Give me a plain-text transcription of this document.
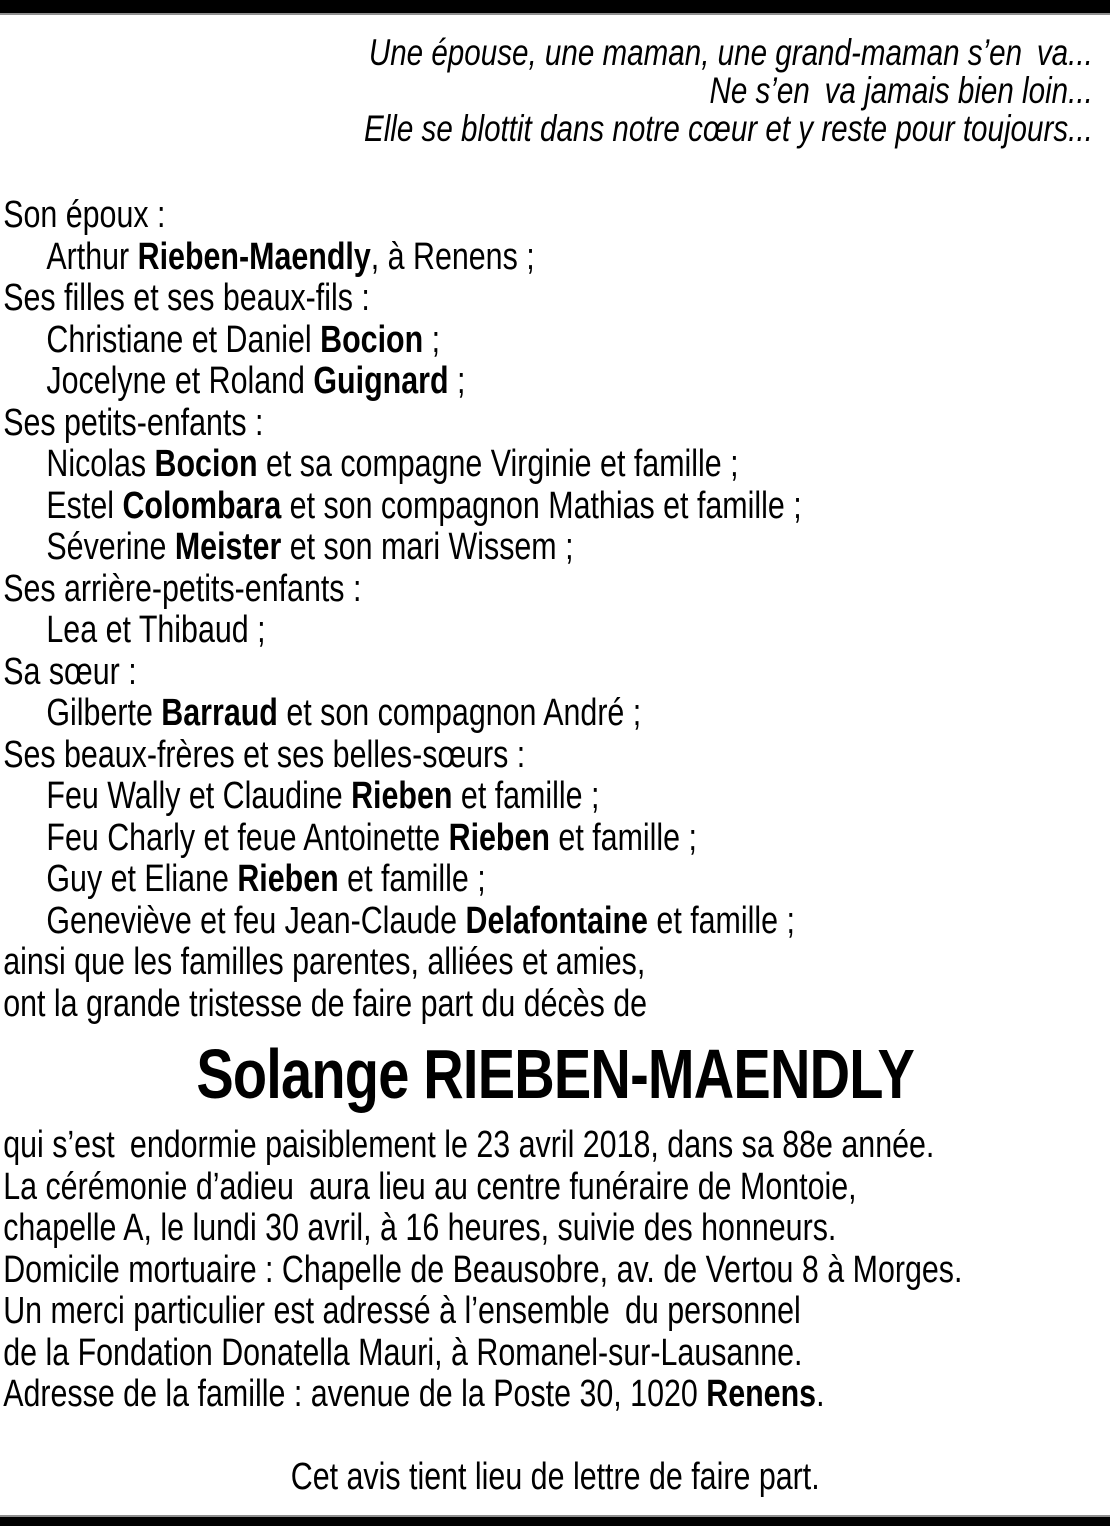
Une épouse, une maman, une grand-maman s’en va...

Ne s’en va jamais bien loin...

Elle se blottit dans notre cœur et y reste pour toujours...

Son époux :

Arthur Rieben-Maendly, à Renens ;

Ses filles et ses beaux-fils :

Christiane et Daniel Bocion ;

Jocelyne et Roland Guignard ;

Ses petits-enfants :

Nicolas Bocion et sa compagne Virginie et famille ;

Estel Colombara et son compagnon Mathias et famille ;

Séverine Meister et son mari Wissem ;

Ses arrière-petits-enfants :

Lea et Thibaud ;

Sa sœur :

Gilberte Barraud et son compagnon André ;

Ses beaux-frères et ses belles-sœurs :

Feu Wally et Claudine Rieben et famille ;

Feu Charly et feue Antoinette Rieben et famille ;

Guy et Eliane Rieben et famille ;

Geneviève et feu Jean-Claude Delafontaine et famille ;

ainsi que les familles parentes, alliées et amies,

ont la grande tristesse de faire part du décès de

Solange RIEBEN-MAENDLY

qui s’est endormie paisiblement le 23 avril 2018, dans sa 88e année.

La cérémonie d’adieu aura lieu au centre funéraire de Montoie,

chapelle A, le lundi 30 avril, à 16 heures, suivie des honneurs.

Domicile mortuaire : Chapelle de Beausobre, av. de Vertou 8 à Morges.

Un merci particulier est adressé à l’ensemble du personnel

de la Fondation Donatella Mauri, à Romanel-sur-Lausanne.

Adresse de la famille : avenue de la Poste 30, 1020 Renens.

Cet avis tient lieu de lettre de faire part.
